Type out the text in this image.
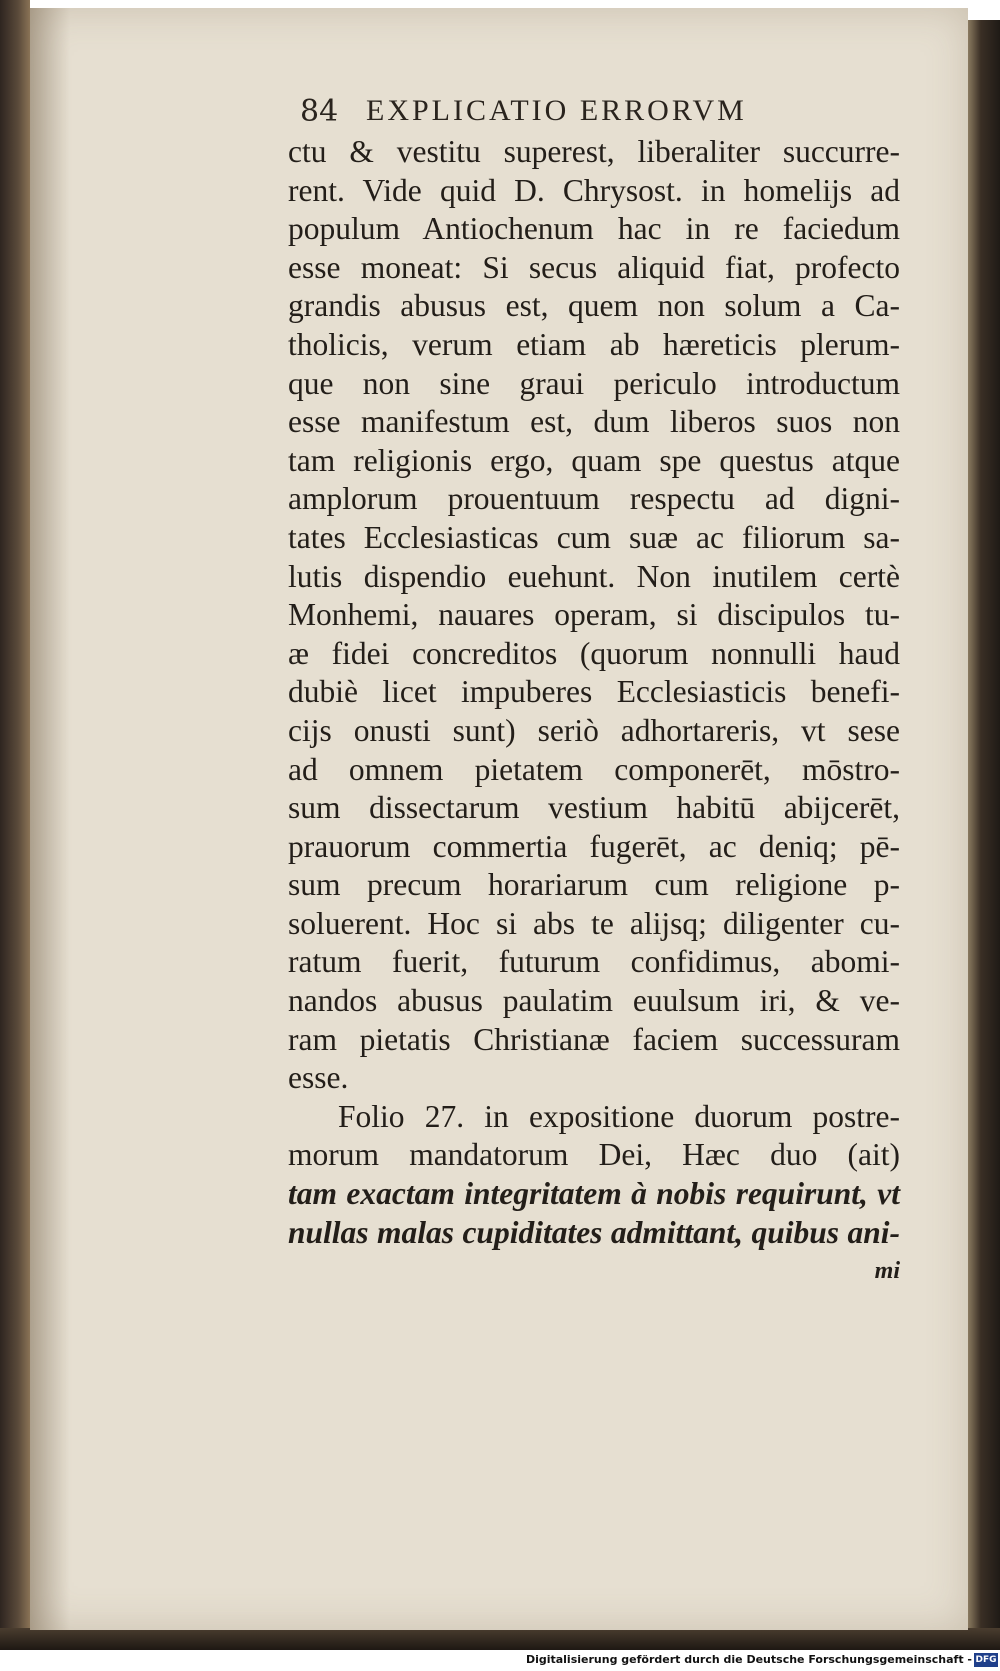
84 EXPLICATIO ERRORVM
ctu & vestitu superest, liberaliter succurre-
rent. Vide quid D. Chrysost. in homelijs ad
populum Antiochenum hac in re faciedum
esse moneat: Si secus aliquid fiat, profecto
grandis abusus est, quem non solum a Ca-
tholicis, verum etiam ab hæreticis plerum-
que non sine graui periculo introductum
esse manifestum est, dum liberos suos non
tam religionis ergo, quam spe questus atque
amplorum prouentuum respectu ad digni-
tates Ecclesiasticas cum suæ ac filiorum sa-
lutis dispendio euehunt. Non inutilem certè
Monhemi, nauares operam, si discipulos tu-
æ fidei concreditos (quorum nonnulli haud
dubiè licet impuberes Ecclesiasticis benefi-
cijs onusti sunt) seriò adhortareris, vt sese
ad omnem pietatem componerēt, mōstro-
sum dissectarum vestium habitū abijcerēt,
prauorum commertia fugerēt, ac deniq; pē-
sum precum horariarum cum religione p-
soluerent. Hoc si abs te alijsq; diligenter cu-
ratum fuerit, futurum confidimus, abomi-
nandos abusus paulatim euulsum iri, & ve-
ram pietatis Christianæ faciem successuram
esse.
Folio 27. in expositione duorum postre-
morum mandatorum Dei, Hæc duo (ait)
tam exactam integritatem à nobis requirunt, vt
nullas malas cupiditates admittant, quibus ani-
mi
Digitalisierung gefördert durch die Deutsche Forschungsgemeinschaft - DFG
